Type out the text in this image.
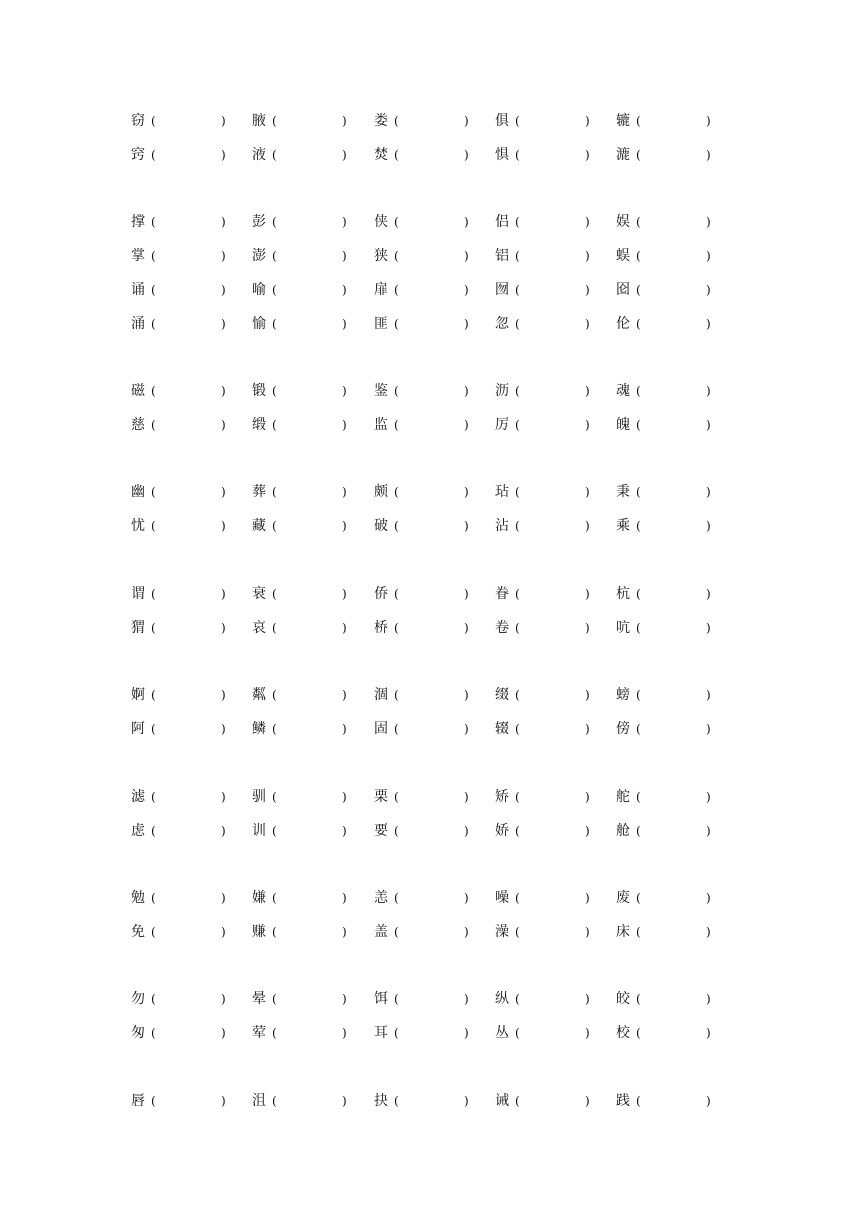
窃 (	) 腋 (	) 娄 (	) 俱 (	) 辘 (	)
窍 (	) 液 (	) 焚 (	) 惧 (	) 漉 (	)
撑 (	) 彭 (	) 侠 (	) 侣 (	) 娱 (	)
掌 (	) 澎 (	) 狭 (	) 铝 (	) 蜈 (	)
诵 (	) 喻 (	) 扉 (	) 囫 (	) 囵 (	)
涌 (	) 愉 (	) 匪 (	) 忽 (	) 伦 (	)
磁 (	) 锻 (	) 鉴 (	) 沥 (	) 魂 (	)
慈 (	) 缎 (	) 监 (	) 厉 (	) 魄 (	)
幽 (	) 葬 (	) 颇 (	) 玷 (	) 秉 (	)
忧 (	) 藏 (	) 破 (	) 沾 (	) 乘 (	)
谓 (	) 衰 (	) 侨 (	) 眷 (	) 杭 (	)
猬 (	) 哀 (	) 桥 (	) 卷 (	) 吭 (	)
婀 (	) 粼 (	) 涸 (	) 缀 (	) 螃 (	)
阿 (	) 鳞 (	) 固 (	) 辍 (	) 傍 (	)
滤 (	) 驯 (	) 栗 (	) 矫 (	) 舵 (	)
虑 (	) 训 (	) 要 (	) 娇 (	) 舱 (	)
勉 (	) 嫌 (	) 恙 (	) 噪 (	) 废 (	)
免 (	) 赚 (	) 盖 (	) 澡 (	) 床 (	)
勿 (	) 晕 (	) 饵 (	) 纵 (	) 皎 (	)
匆 (	) 荤 (	) 耳 (	) 丛 (	) 校 (	)
唇 (	) 沮 (	) 抉 (	) 诫 (	) 践 (	)
